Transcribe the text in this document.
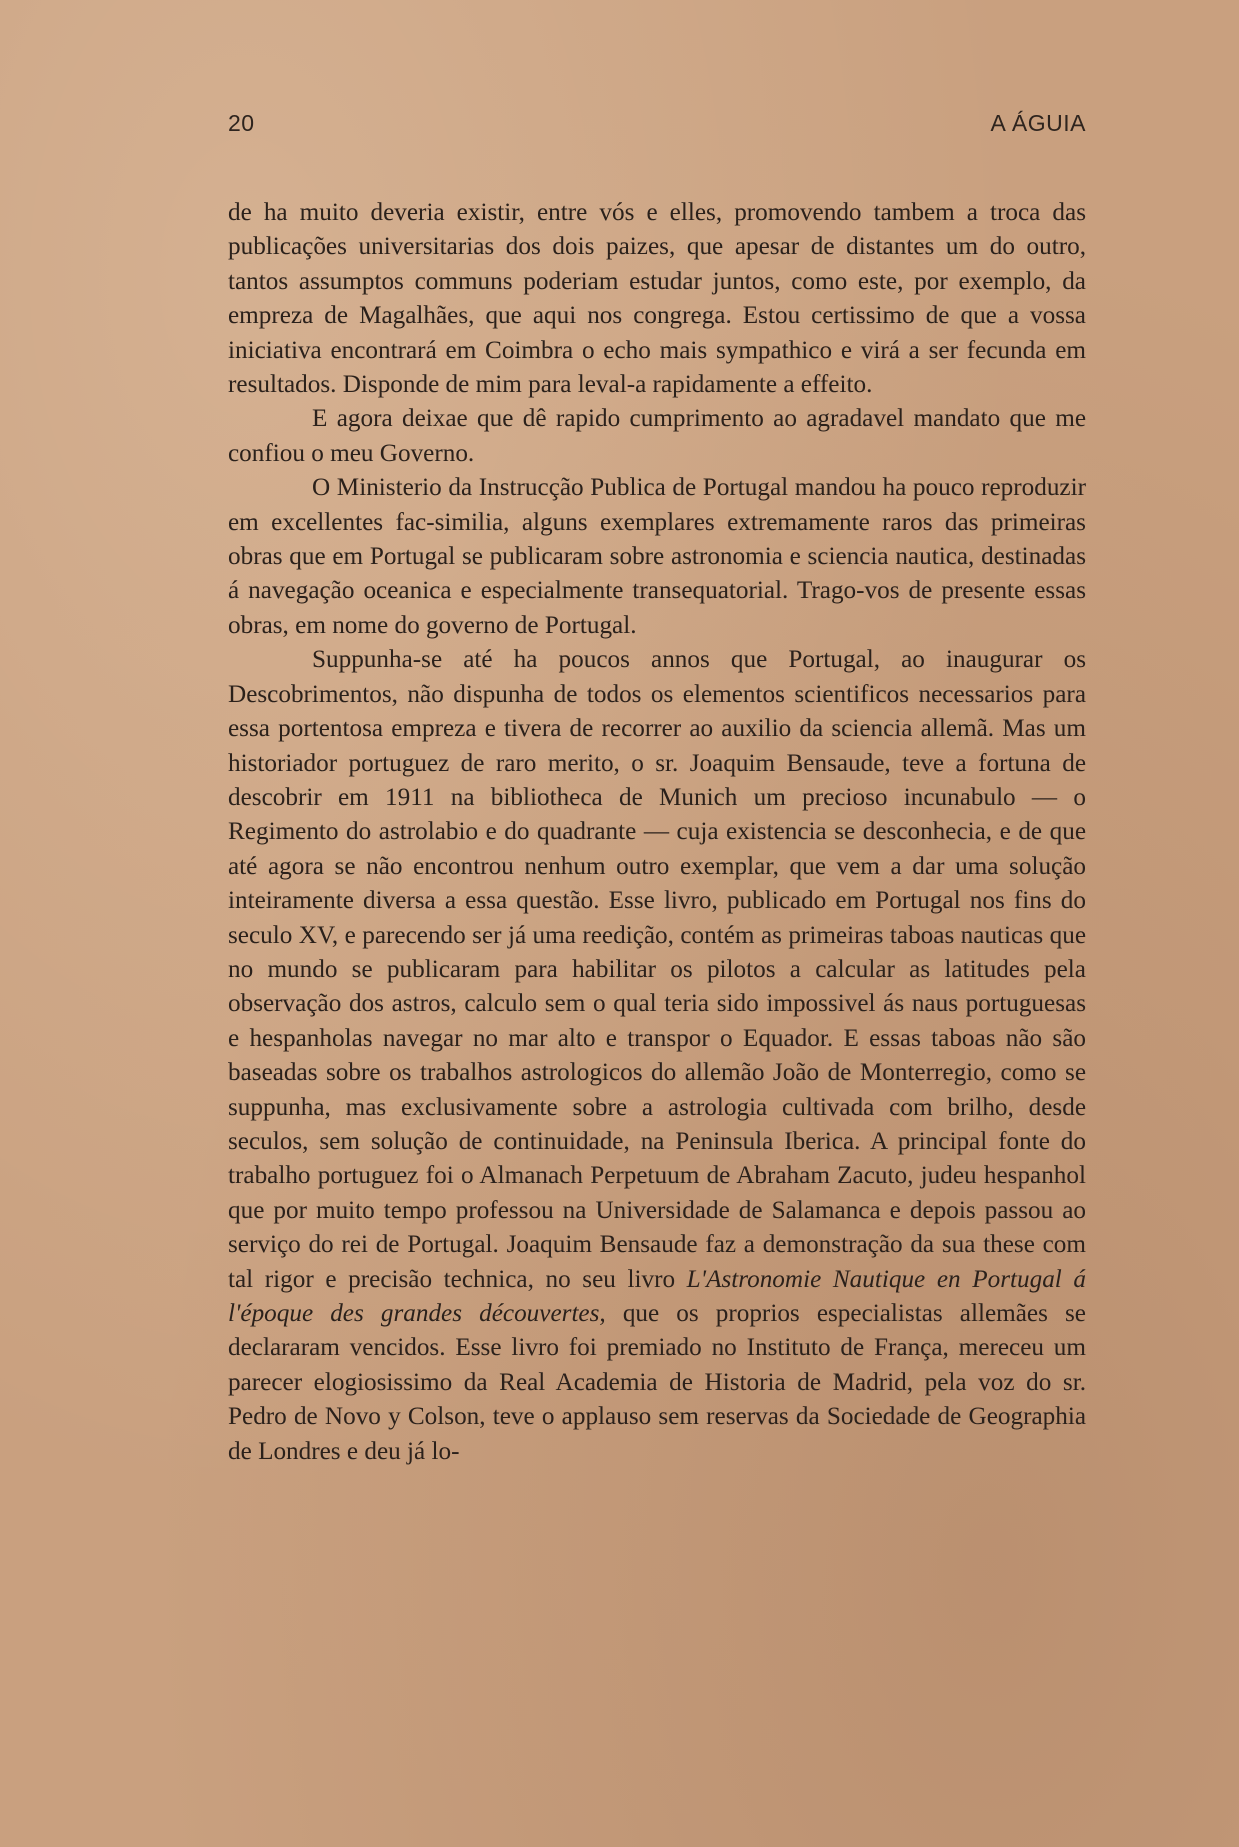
20	A ÁGUIA

de ha muito deveria existir, entre vós e elles, promovendo tambem a troca das publicações universitarias dos dois paizes, que apesar de distantes um do outro, tantos assumptos communs poderiam estudar juntos, como este, por exemplo, da empreza de Magalhães, que aqui nos congrega. Estou certissimo de que a vossa iniciativa encontrará em Coimbra o echo mais sympathico e virá a ser fecunda em resultados. Disponde de mim para leval-a rapidamente a effeito.

E agora deixae que dê rapido cumprimento ao agradavel mandato que me confiou o meu Governo.

O Ministerio da Instrucção Publica de Portugal mandou ha pouco reproduzir em excellentes fac-similia, alguns exemplares extremamente raros das primeiras obras que em Portugal se publicaram sobre astronomia e sciencia nautica, destinadas á navegação oceanica e especialmente transequatorial. Trago-vos de presente essas obras, em nome do governo de Portugal.

Suppunha-se até ha poucos annos que Portugal, ao inaugurar os Descobrimentos, não dispunha de todos os elementos scientificos necessarios para essa portentosa empreza e tivera de recorrer ao auxilio da sciencia allemã. Mas um historiador portuguez de raro merito, o sr. Joaquim Bensaude, teve a fortuna de descobrir em 1911 na bibliotheca de Munich um precioso incunabulo — o Regimento do astrolabio e do quadrante — cuja existencia se desconhecia, e de que até agora se não encontrou nenhum outro exemplar, que vem a dar uma solução inteiramente diversa a essa questão. Esse livro, publicado em Portugal nos fins do seculo XV, e parecendo ser já uma reedição, contém as primeiras taboas nauticas que no mundo se publicaram para habilitar os pilotos a calcular as latitudes pela observação dos astros, calculo sem o qual teria sido impossivel ás naus portuguesas e hespanholas navegar no mar alto e transpor o Equador. E essas taboas não são baseadas sobre os trabalhos astrologicos do allemão João de Monterregio, como se suppunha, mas exclusivamente sobre a astrologia cultivada com brilho, desde seculos, sem solução de continuidade, na Peninsula Iberica. A principal fonte do trabalho portuguez foi o Almanach Perpetuum de Abraham Zacuto, judeu hespanhol que por muito tempo professou na Universidade de Salamanca e depois passou ao serviço do rei de Portugal. Joaquim Bensaude faz a demonstração da sua these com tal rigor e precisão technica, no seu livro L'Astronomie Nautique en Portugal á l'époque des grandes découvertes, que os proprios especialistas allemães se declararam vencidos. Esse livro foi premiado no Instituto de França, mereceu um parecer elogiosissimo da Real Academia de Historia de Madrid, pela voz do sr. Pedro de Novo y Colson, teve o applauso sem reservas da Sociedade de Geographia de Londres e deu já lo-
